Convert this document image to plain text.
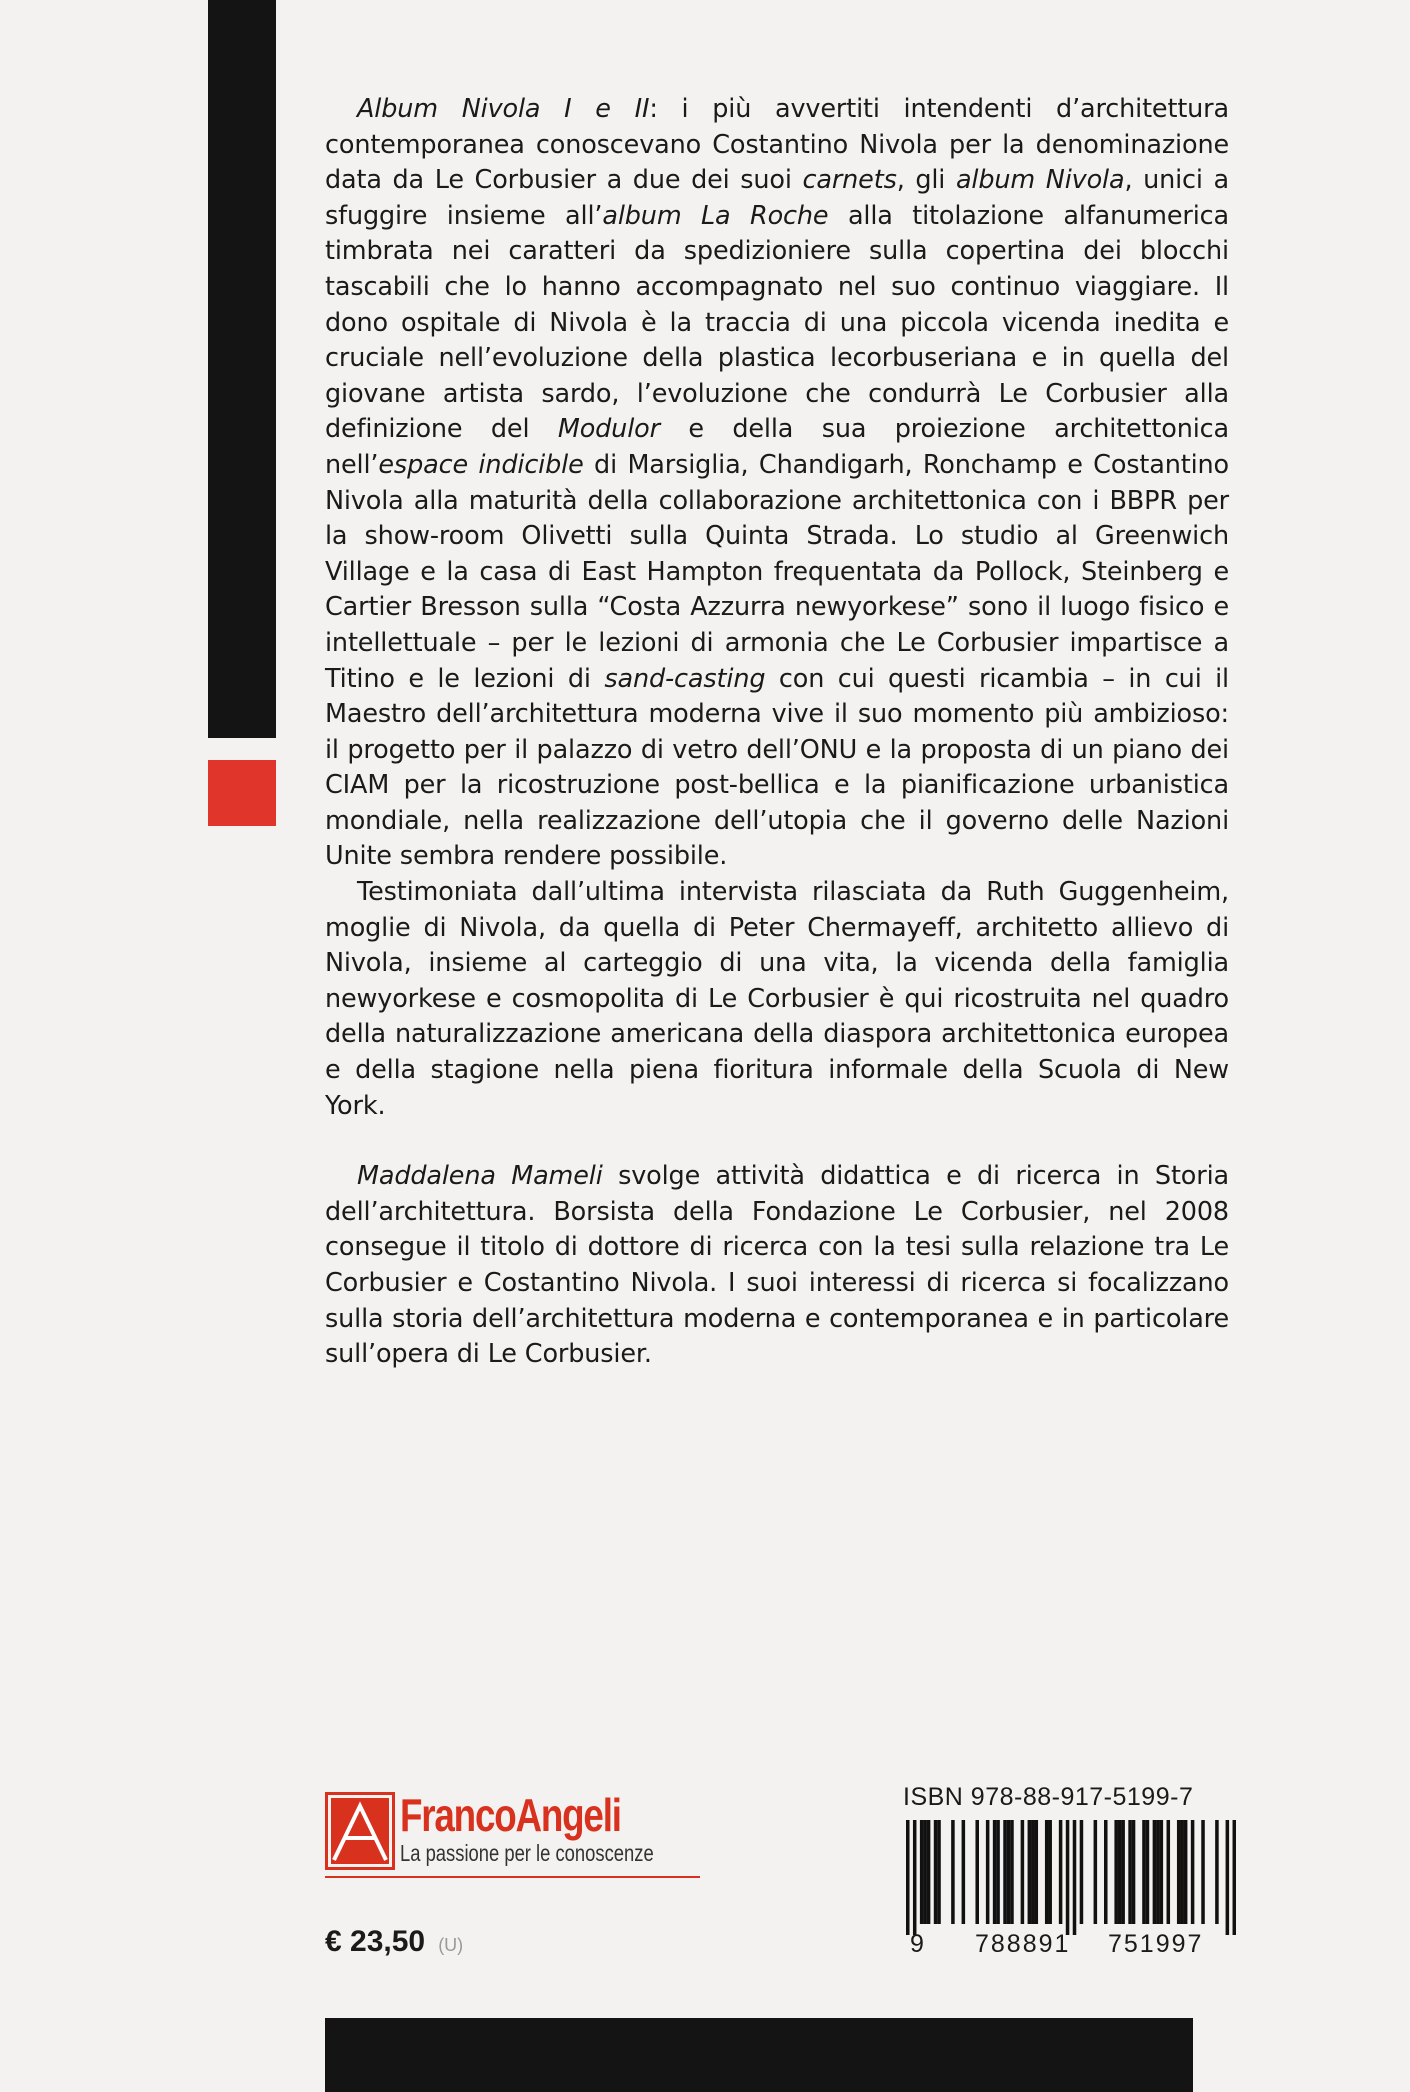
Album Nivola I e II: i più avvertiti intendenti d’architettura contemporanea conoscevano Costantino Nivola per la denominazione data da Le Corbusier a due dei suoi carnets, gli album Nivola, unici a sfuggire insieme all’album La Roche alla titolazione alfanumerica timbrata nei caratteri da spedizioniere sulla copertina dei blocchi tascabili che lo hanno accompagnato nel suo continuo viaggiare. Il dono ospitale di Nivola è la traccia di una piccola vicenda inedita e cruciale nell’evoluzione della plastica lecorbuseriana e in quella del giovane artista sardo, l’evoluzione che condurrà Le Corbusier alla definizione del Modulor e della sua proiezione architettonica nell’espace indicible di Marsiglia, Chandigarh, Ronchamp e Costantino Nivola alla maturità della collaborazione architettonica con i BBPR per la show-room Olivetti sulla Quinta Strada. Lo studio al Greenwich Village e la casa di East Hampton frequentata da Pollock, Steinberg e Cartier Bresson sulla “Costa Azzurra newyorkese” sono il luogo fisico e intellettuale – per le lezioni di armonia che Le Corbusier impartisce a Titino e le lezioni di sand-casting con cui questi ricambia – in cui il Maestro dell’architettura moderna vive il suo momento più ambizioso: il progetto per il palazzo di vetro dell’ONU e la proposta di un piano dei CIAM per la ricostruzione post-bellica e la pianificazione urbanistica mondiale, nella realizzazione dell’utopia che il governo delle Nazioni Unite sembra rendere possibile.

Testimoniata dall’ultima intervista rilasciata da Ruth Guggenheim, moglie di Nivola, da quella di Peter Chermayeff, architetto allievo di Nivola, insieme al carteggio di una vita, la vicenda della famiglia newyorkese e cosmopolita di Le Corbusier è qui ricostruita nel quadro della naturalizzazione americana della diaspora architettonica europea e della stagione nella piena fioritura informale della Scuola di New York.

Maddalena Mameli svolge attività didattica e di ricerca in Storia dell’architettura. Borsista della Fondazione Le Corbusier, nel 2008 consegue il titolo di dottore di ricerca con la tesi sulla relazione tra Le Corbusier e Costantino Nivola. I suoi interessi di ricerca si focalizzano sulla storia dell’architettura moderna e contemporanea e in particolare sull’opera di Le Corbusier.

FrancoAngeli
La passione per le conoscenze
€ 23,50 (U)
ISBN 978-88-917-5199-7
9 788891 751997
